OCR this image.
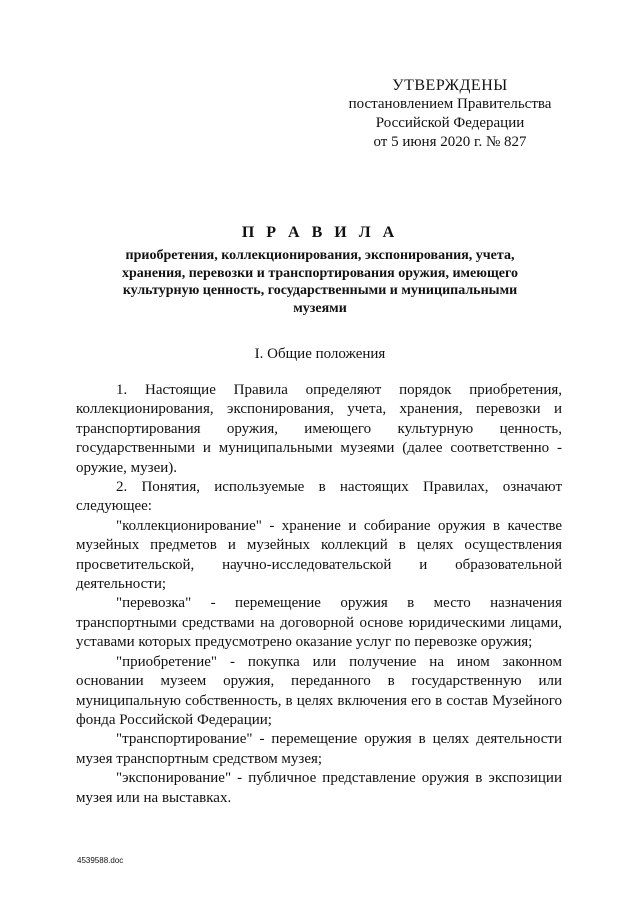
УТВЕРЖДЕНЫ
постановлением Правительства
Российской Федерации
от 5 июня 2020 г. № 827
П Р А В И Л А
приобретения, коллекционирования, экспонирования, учета, хранения, перевозки и транспортирования оружия, имеющего культурную ценность, государственными и муниципальными музеями
I. Общие положения

1. Настоящие Правила определяют порядок приобретения, коллекционирования, экспонирования, учета, хранения, перевозки и транспортирования оружия, имеющего культурную ценность, государственными и муниципальными музеями (далее соответственно - оружие, музеи).

2. Понятия, используемые в настоящих Правилах, означают следующее:

"коллекционирование" - хранение и собирание оружия в качестве музейных предметов и музейных коллекций в целях осуществления просветительской, научно-исследовательской и образовательной деятельности;

"перевозка" - перемещение оружия в место назначения транспортными средствами на договорной основе юридическими лицами, уставами которых предусмотрено оказание услуг по перевозке оружия;

"приобретение" - покупка или получение на ином законном основании музеем оружия, переданного в государственную или муниципальную собственность, в целях включения его в состав Музейного фонда Российской Федерации;

"транспортирование" - перемещение оружия в целях деятельности музея транспортным средством музея;

"экспонирование" - публичное представление оружия в экспозиции музея или на выставках.

4539588.doc
